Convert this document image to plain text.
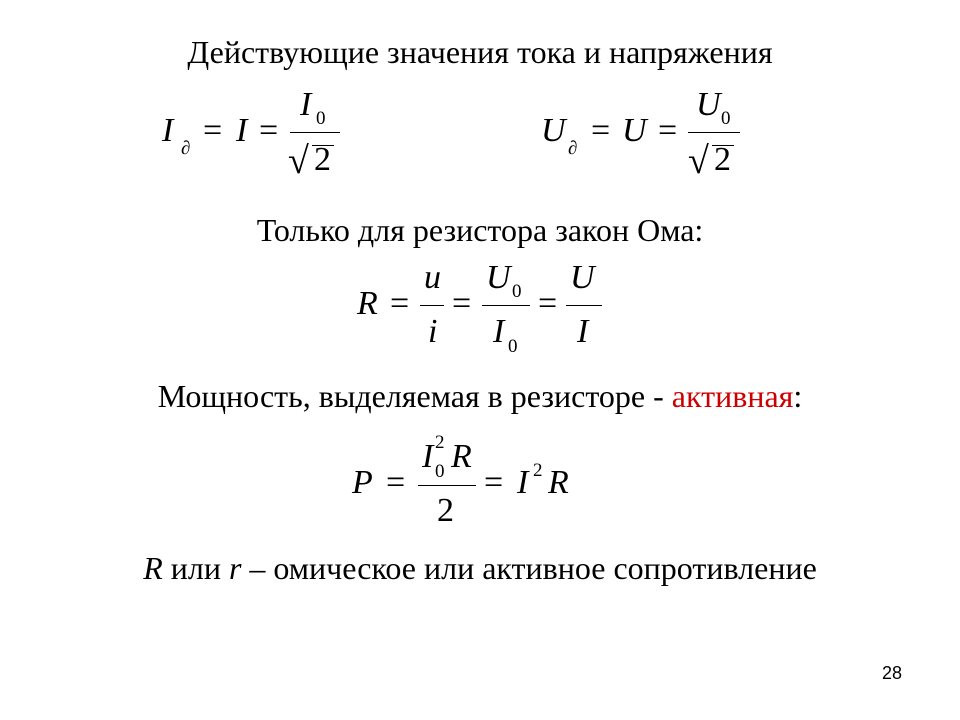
Действующие значения тока и напряжения
I ∂ = I =
I 0
√ 2
U ∂ = U =
U 0
√ 2
Только для резистора закон Ома:
R =
u
i
=
U 0
I 0
=
U
I
Мощность, выделяемая в резисторе - активная:
P =
I 2
0 R
2
= I 2 R
R или r – омическое или активное сопротивление
28
